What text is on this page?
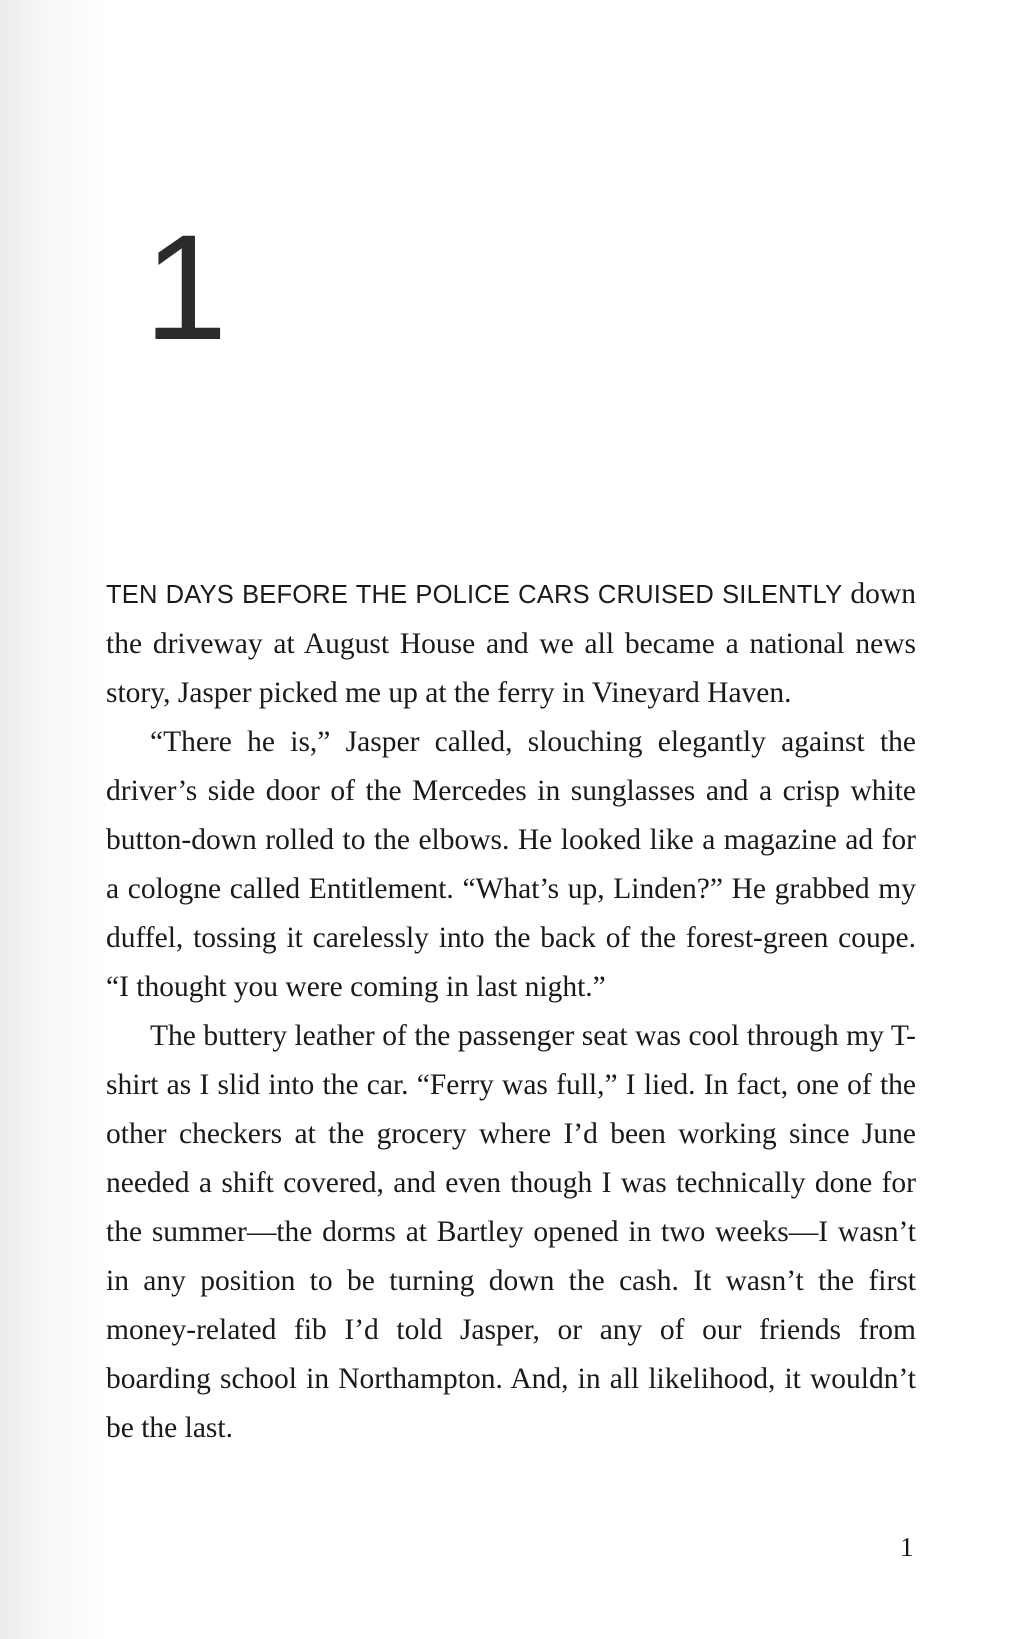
1

TEN DAYS BEFORE THE POLICE CARS CRUISED SILENTLY down the driveway at August House and we all became a national news story, Jasper picked me up at the ferry in Vineyard Haven.

“There he is,” Jasper called, slouching elegantly against the driver’s side door of the Mercedes in sunglasses and a crisp white button-down rolled to the elbows. He looked like a magazine ad for a cologne called Entitlement. “What’s up, Linden?” He grabbed my duffel, tossing it carelessly into the back of the forest-green coupe. “I thought you were coming in last night.”

The buttery leather of the passenger seat was cool through my T-shirt as I slid into the car. “Ferry was full,” I lied. In fact, one of the other checkers at the grocery where I’d been working since June needed a shift covered, and even though I was technically done for the summer—the dorms at Bartley opened in two weeks—I wasn’t in any position to be turning down the cash. It wasn’t the first money-related fib I’d told Jasper, or any of our friends from boarding school in Northampton. And, in all likelihood, it wouldn’t be the last.

1
